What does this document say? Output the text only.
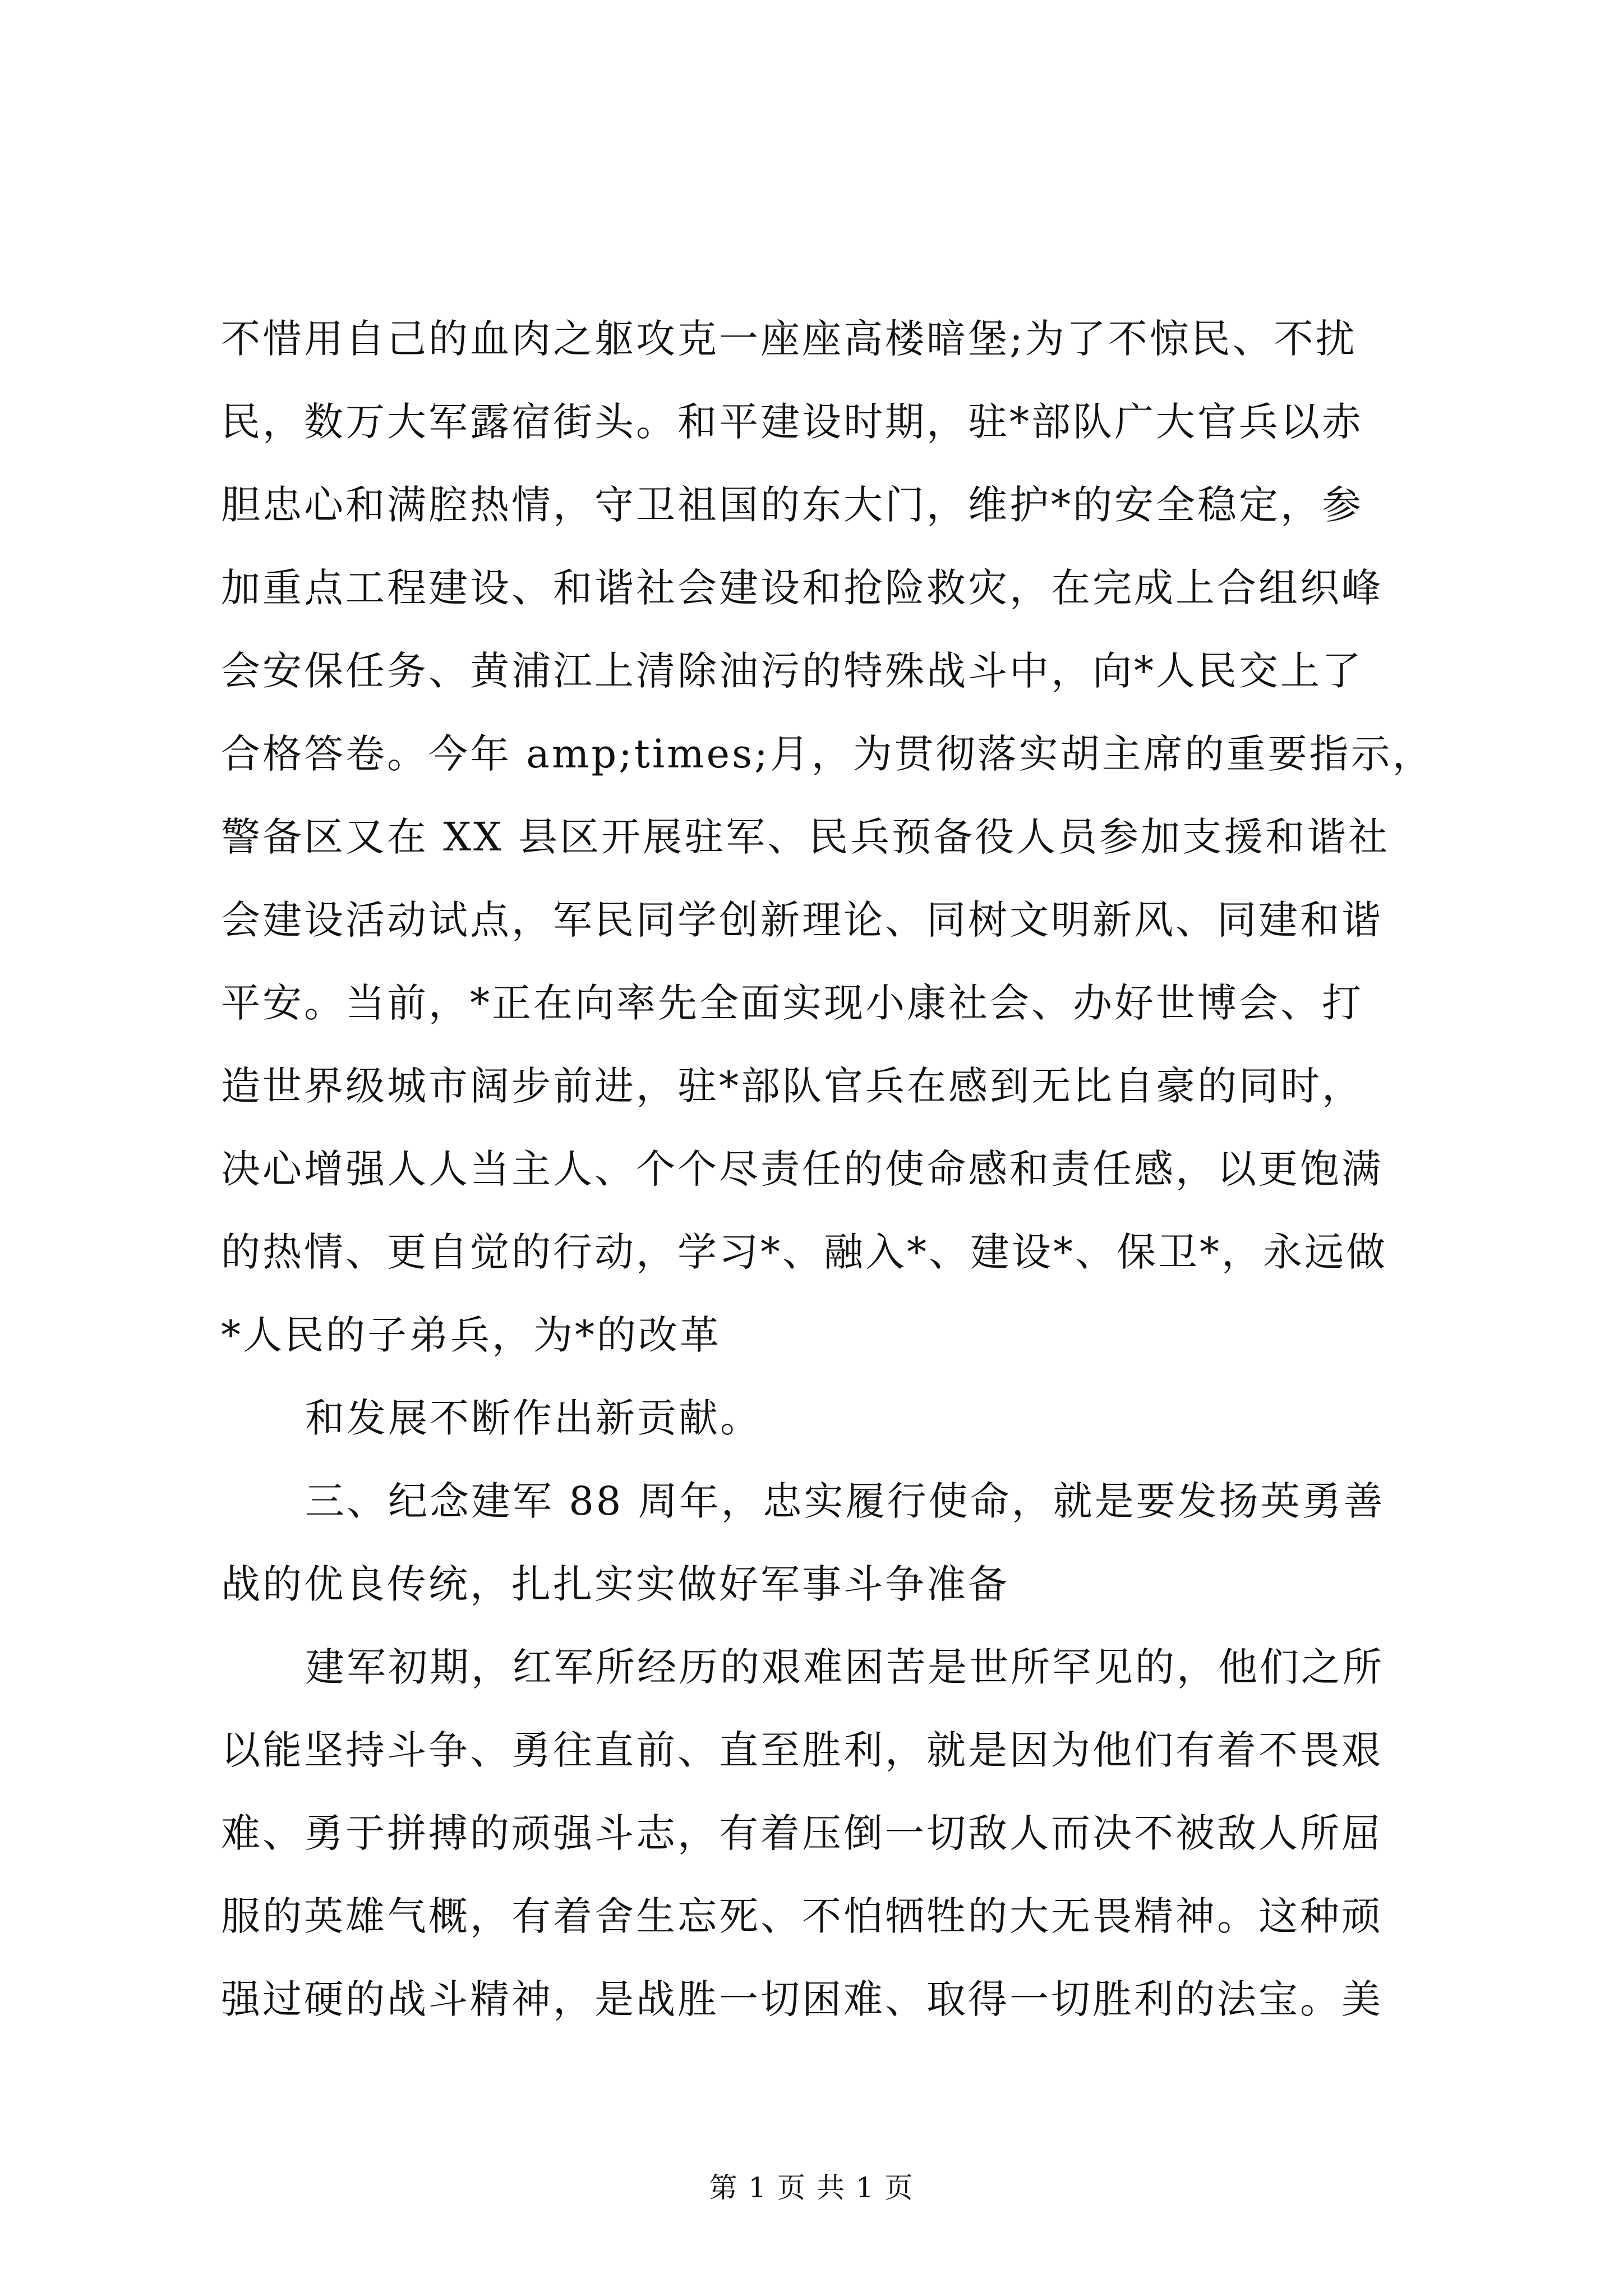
不惜用自己的血肉之躯攻克一座座高楼暗堡;为了不惊民、不扰
民，数万大军露宿街头。和平建设时期，驻*部队广大官兵以赤
胆忠心和满腔热情，守卫祖国的东大门，维护*的安全稳定，参
加重点工程建设、和谐社会建设和抢险救灾，在完成上合组织峰
会安保任务、黄浦江上清除油污的特殊战斗中，向*人民交上了
合格答卷。今年 amp;times;月，为贯彻落实胡主席的重要指示，
警备区又在 XX 县区开展驻军、民兵预备役人员参加支援和谐社
会建设活动试点，军民同学创新理论、同树文明新风、同建和谐
平安。当前，*正在向率先全面实现小康社会、办好世博会、打
造世界级城市阔步前进，驻*部队官兵在感到无比自豪的同时，
决心增强人人当主人、个个尽责任的使命感和责任感，以更饱满
的热情、更自觉的行动，学习*、融入*、建设*、保卫*，永远做
*人民的子弟兵，为*的改革
和发展不断作出新贡献。
三、纪念建军 88 周年，忠实履行使命，就是要发扬英勇善
战的优良传统，扎扎实实做好军事斗争准备
建军初期，红军所经历的艰难困苦是世所罕见的，他们之所
以能坚持斗争、勇往直前、直至胜利，就是因为他们有着不畏艰
难、勇于拼搏的顽强斗志，有着压倒一切敌人而决不被敌人所屈
服的英雄气概，有着舍生忘死、不怕牺牲的大无畏精神。这种顽
强过硬的战斗精神，是战胜一切困难、取得一切胜利的法宝。美
第 1 页 共 1 页
